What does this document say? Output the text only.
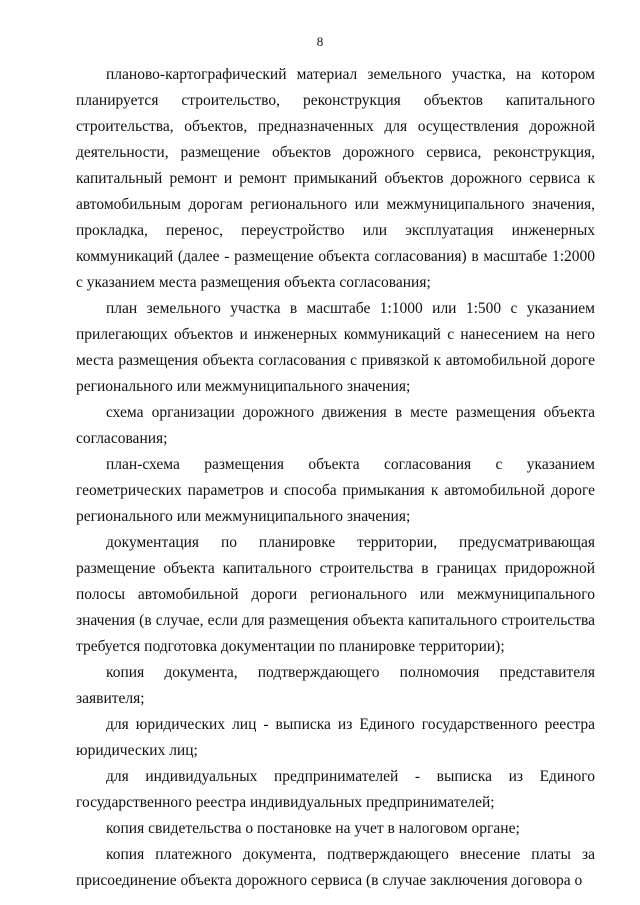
8

планово-картографический материал земельного участка, на котором планируется строительство, реконструкция объектов капитального строительства, объектов, предназначенных для осуществления дорожной деятельности, размещение объектов дорожного сервиса, реконструкция, капитальный ремонт и ремонт примыканий объектов дорожного сервиса к автомобильным дорогам регионального или межмуниципального значения, прокладка, перенос, переустройство или эксплуатация инженерных коммуникаций (далее - размещение объекта согласования) в масштабе 1:2000 с указанием места размещения объекта согласования;

план земельного участка в масштабе 1:1000 или 1:500 с указанием прилегающих объектов и инженерных коммуникаций с нанесением на него места размещения объекта согласования с привязкой к автомобильной дороге регионального или межмуниципального значения;

схема организации дорожного движения в месте размещения объекта согласования;

план-схема размещения объекта согласования с указанием геометрических параметров и способа примыкания к автомобильной дороге регионального или межмуниципального значения;

документация по планировке территории, предусматривающая размещение объекта капитального строительства в границах придорожной полосы автомобильной дороги регионального или межмуниципального значения (в случае, если для размещения объекта капитального строительства требуется подготовка документации по планировке территории);

копия документа, подтверждающего полномочия представителя заявителя;

для юридических лиц - выписка из Единого государственного реестра юридических лиц;

для индивидуальных предпринимателей - выписка из Единого государственного реестра индивидуальных предпринимателей;

копия свидетельства о постановке на учет в налоговом органе;

копия платежного документа, подтверждающего внесение платы за присоединение объекта дорожного сервиса (в случае заключения договора о
